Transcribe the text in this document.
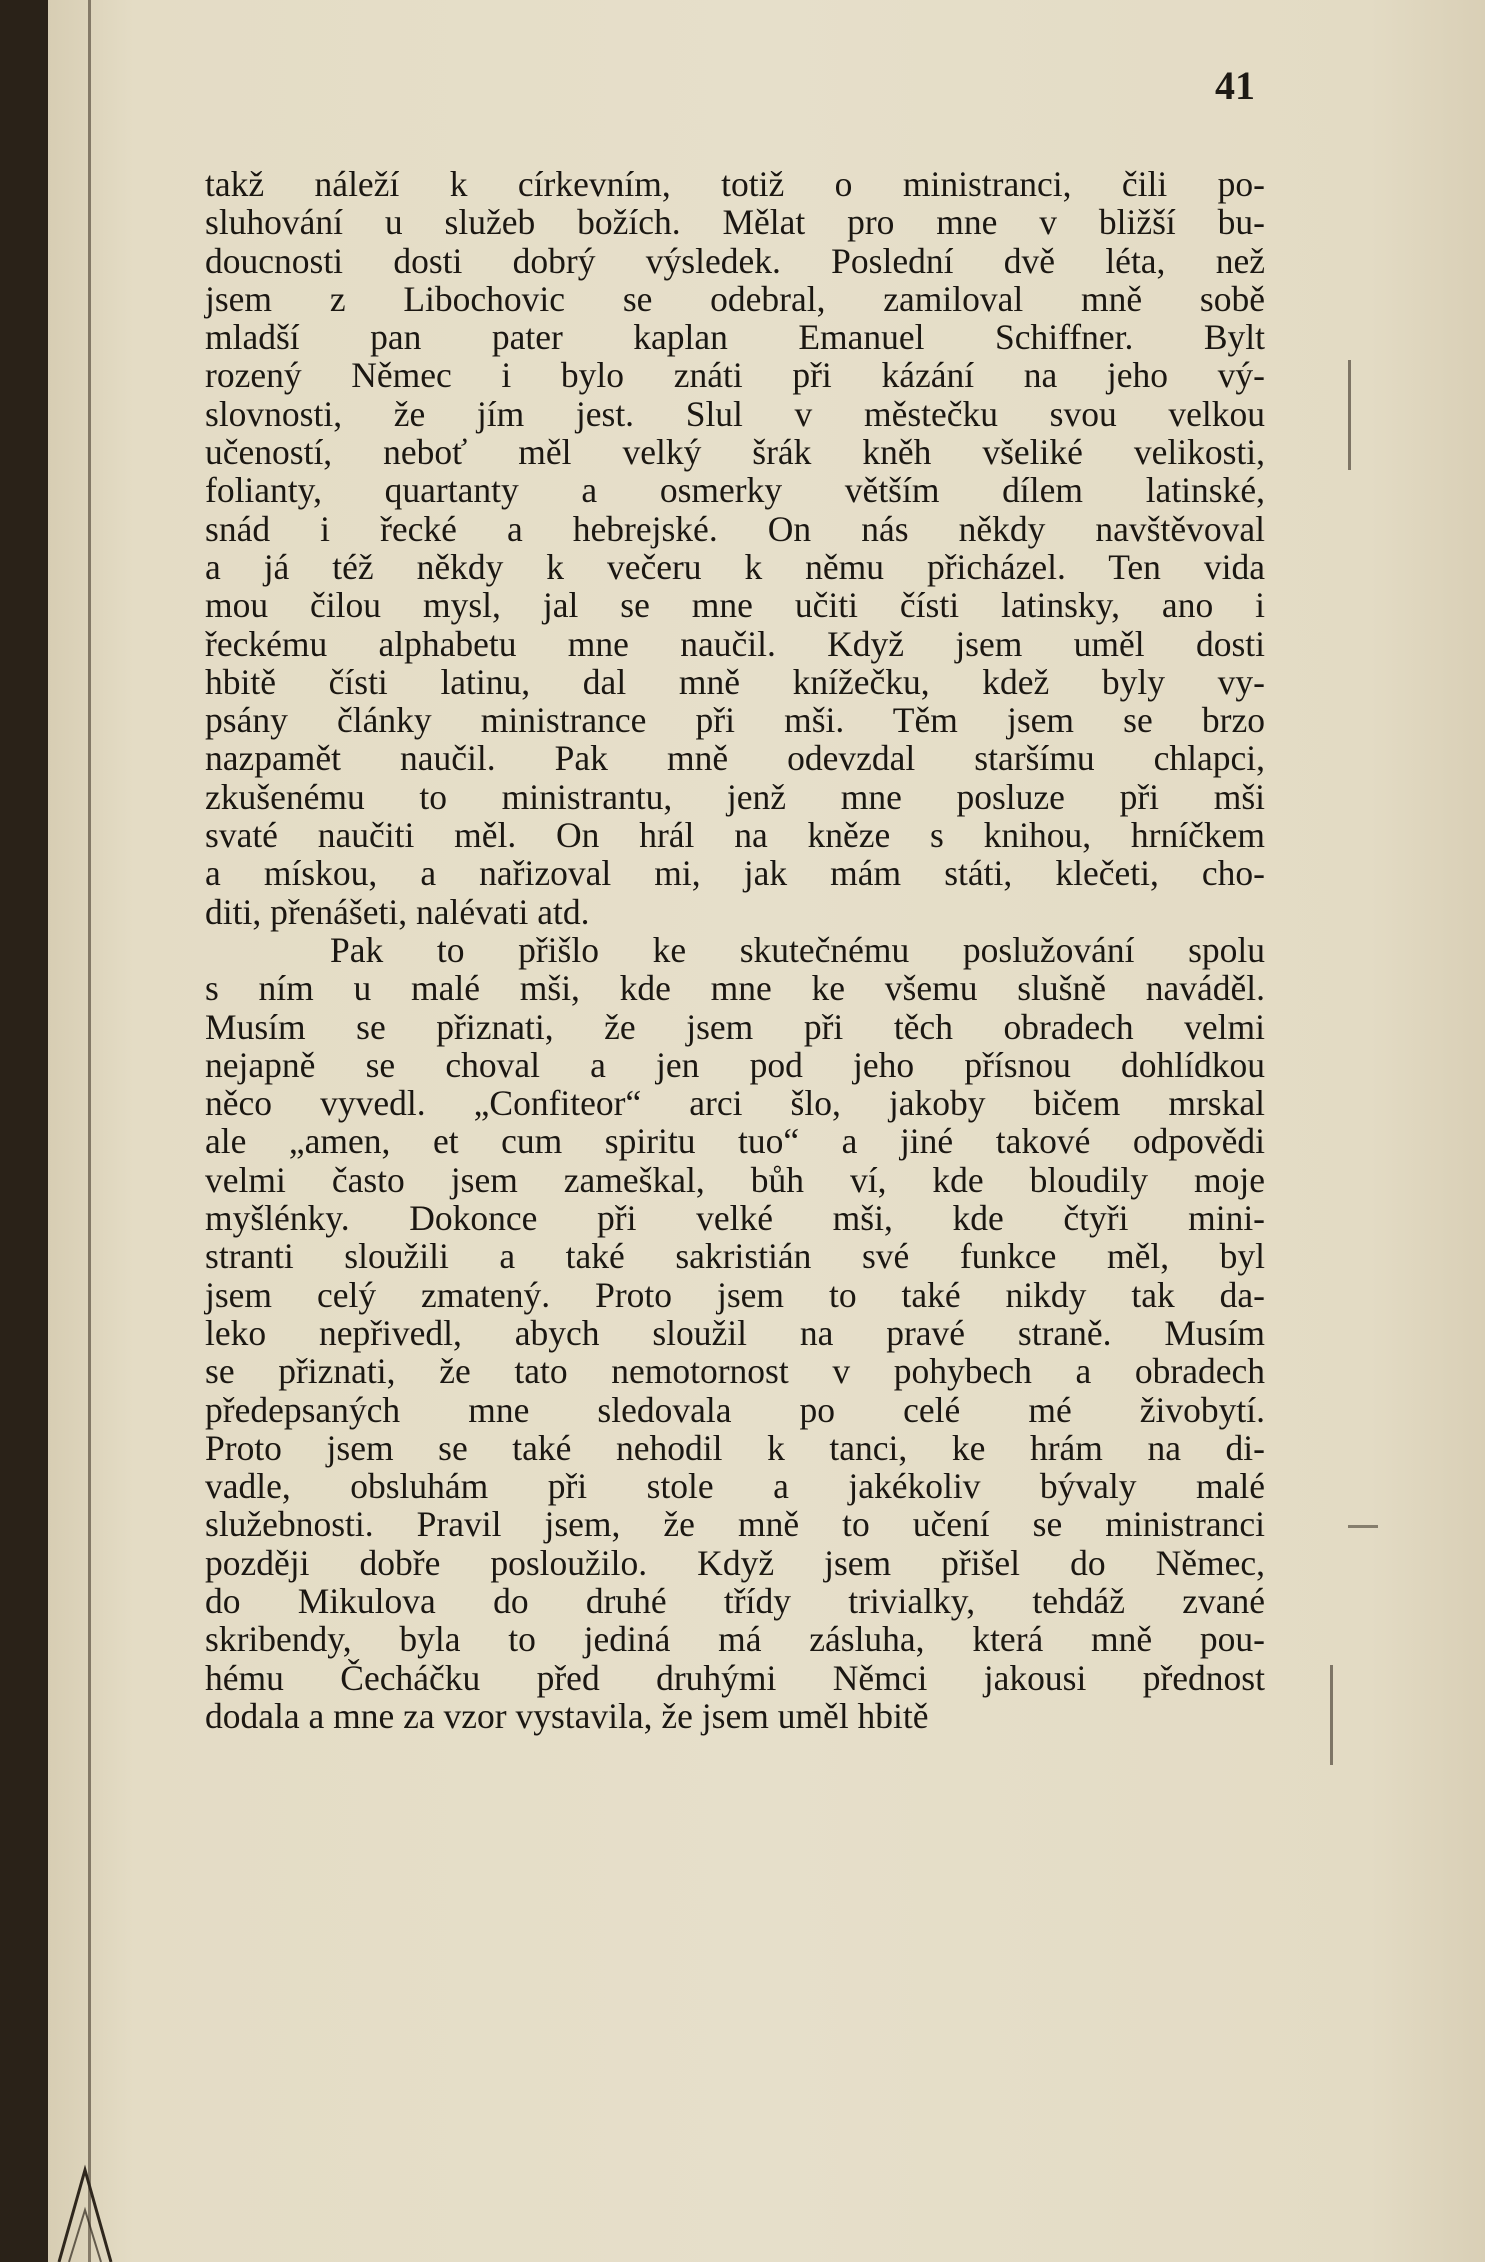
41
takž náleží k církevním, totiž o ministranci, čili po-
sluhování u služeb božích. Mělat pro mne v bližší bu-
doucnosti dosti dobrý výsledek. Poslední dvě léta, než
jsem z Libochovic se odebral, zamiloval mně sobě
mladší pan pater kaplan Emanuel Schiffner. Bylt
rozený Němec i bylo znáti při kázání na jeho vý-
slovnosti, že jím jest. Slul v městečku svou velkou
učeností, neboť měl velký šrák kněh všeliké velikosti,
folianty, quartanty a osmerky větším dílem latinské,
snád i řecké a hebrejské. On nás někdy navštěvoval
a já též někdy k večeru k němu přicházel. Ten vida
mou čilou mysl, jal se mne učiti čísti latinsky, ano i
řeckému alphabetu mne naučil. Když jsem uměl dosti
hbitě čísti latinu, dal mně knížečku, kdež byly vy-
psány články ministrance při mši. Těm jsem se brzo
nazpamět naučil. Pak mně odevzdal staršímu chlapci,
zkušenému to ministrantu, jenž mne posluze při mši
svaté naučiti měl. On hrál na kněze s knihou, hrníčkem
a mískou, a nařizoval mi, jak mám státi, klečeti, cho-
diti, přenášeti, nalévati atd.
Pak to přišlo ke skutečnému poslužování spolu
s ním u malé mši, kde mne ke všemu slušně naváděl.
Musím se přiznati, že jsem při těch obradech velmi
nejapně se choval a jen pod jeho přísnou dohlídkou
něco vyvedl. „Confiteor“ arci šlo, jakoby bičem mrskal
ale „amen, et cum spiritu tuo“ a jiné takové odpovědi
velmi často jsem zameškal, bůh ví, kde bloudily moje
myšlénky. Dokonce při velké mši, kde čtyři mini-
stranti sloužili a také sakristián své funkce měl, byl
jsem celý zmatený. Proto jsem to také nikdy tak da-
leko nepřivedl, abych sloužil na pravé straně. Musím
se přiznati, že tato nemotornost v pohybech a obradech
předepsaných mne sledovala po celé mé živobytí.
Proto jsem se také nehodil k tanci, ke hrám na di-
vadle, obsluhám při stole a jakékoliv bývaly malé
služebnosti. Pravil jsem, že mně to učení se ministranci
později dobře posloužilo. Když jsem přišel do Němec,
do Mikulova do druhé třídy trivialky, tehdáž zvané
skribendy, byla to jediná má zásluha, která mně pou-
hému Čecháčku před druhými Němci jakousi přednost
dodala a mne za vzor vystavila, že jsem uměl hbitě
